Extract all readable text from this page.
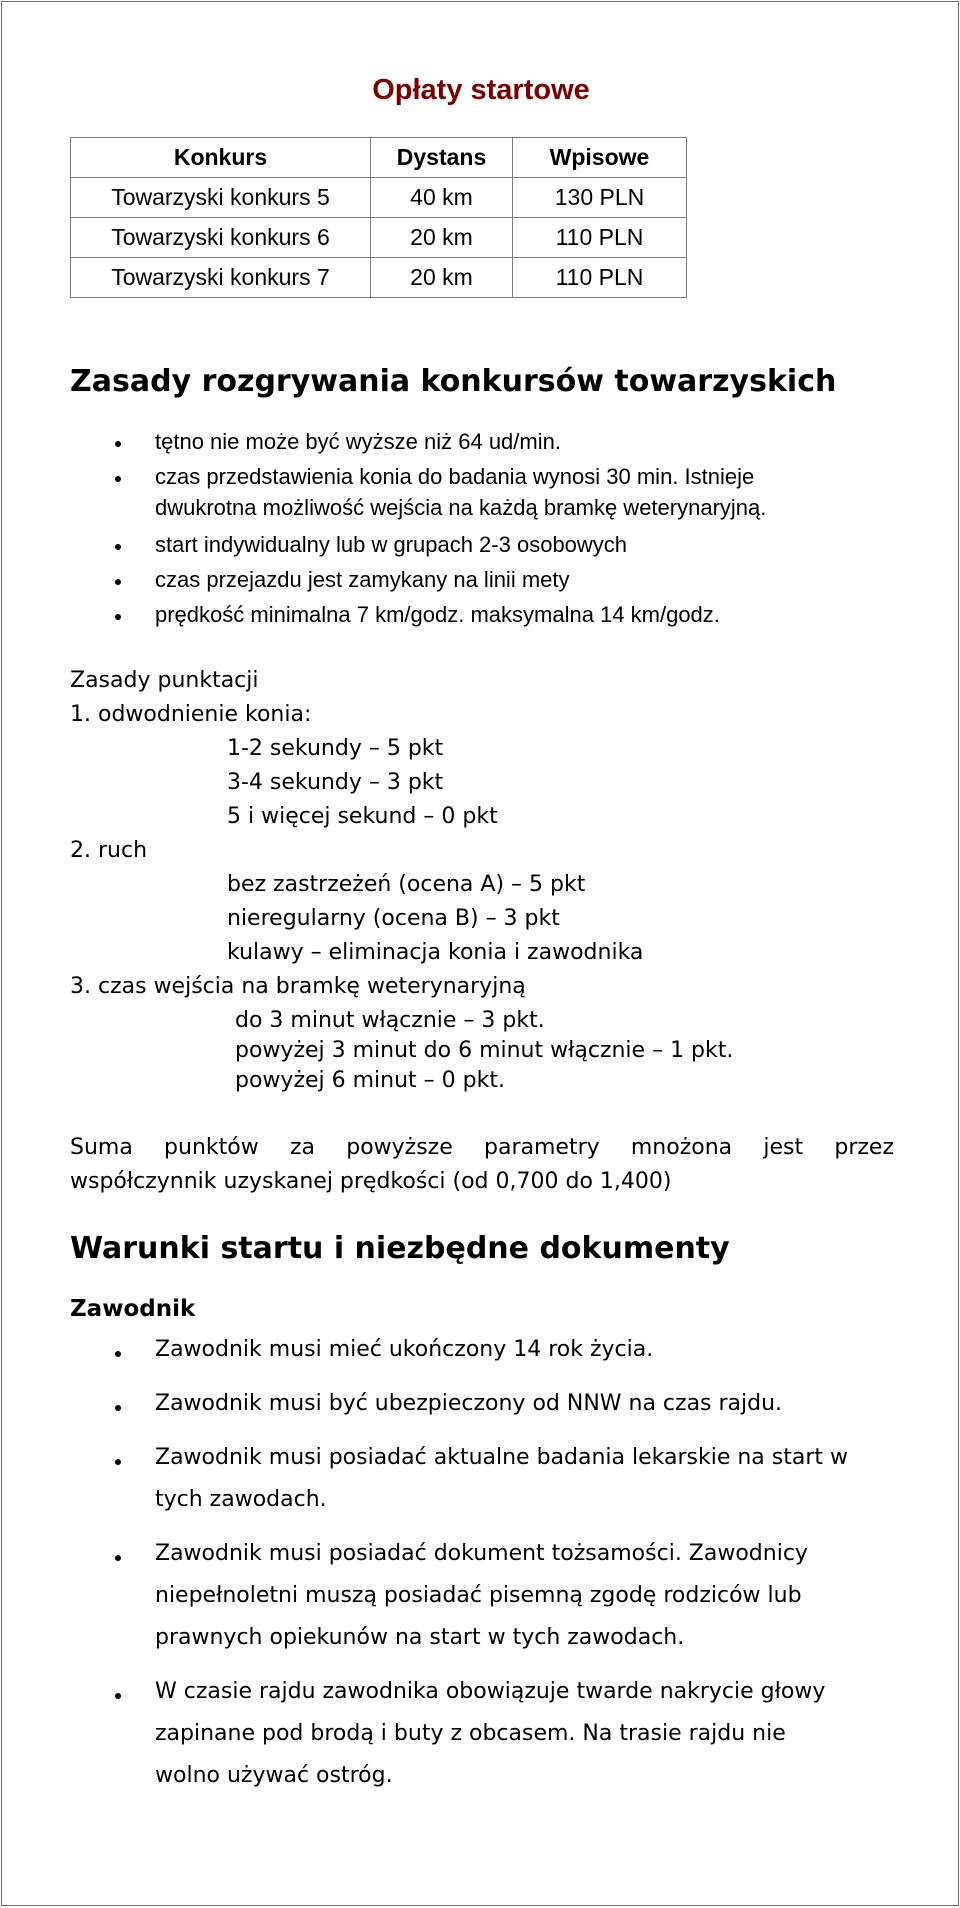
Opłaty startowe
Konkurs	Dystans	Wpisowe
Towarzyski konkurs 5	40 km	130 PLN
Towarzyski konkurs 6	20 km	110 PLN
Towarzyski konkurs 7	20 km	110 PLN
Zasady rozgrywania konkursów towarzyskich
tętno nie może być wyższe niż 64 ud/min.
czas przedstawienia konia do badania wynosi 30 min. Istnieje
dwukrotna możliwość wejścia na każdą bramkę weterynaryjną.
start indywidualny lub w grupach 2-3 osobowych
czas przejazdu jest zamykany na linii mety
prędkość minimalna 7 km/godz. maksymalna 14 km/godz.
Zasady punktacji
1. odwodnienie konia:
1-2 sekundy – 5 pkt
3-4 sekundy – 3 pkt
5 i więcej sekund – 0 pkt
2. ruch
bez zastrzeżeń (ocena A) – 5 pkt
nieregularny (ocena B) – 3 pkt
kulawy – eliminacja konia i zawodnika
3. czas wejścia na bramkę weterynaryjną
do 3 minut włącznie – 3 pkt.
powyżej 3 minut do 6 minut włącznie – 1 pkt.
powyżej 6 minut – 0 pkt.
Suma punktów za powyższe parametry mnożona jest przez
współczynnik uzyskanej prędkości (od 0,700 do 1,400)
Warunki startu i niezbędne dokumenty
Zawodnik
Zawodnik musi mieć ukończony 14 rok życia.
Zawodnik musi być ubezpieczony od NNW na czas rajdu.
Zawodnik musi posiadać aktualne badania lekarskie na start w
tych zawodach.
Zawodnik musi posiadać dokument tożsamości. Zawodnicy
niepełnoletni muszą posiadać pisemną zgodę rodziców lub
prawnych opiekunów na start w tych zawodach.
W czasie rajdu zawodnika obowiązuje twarde nakrycie głowy
zapinane pod brodą i buty z obcasem. Na trasie rajdu nie
wolno używać ostróg.
